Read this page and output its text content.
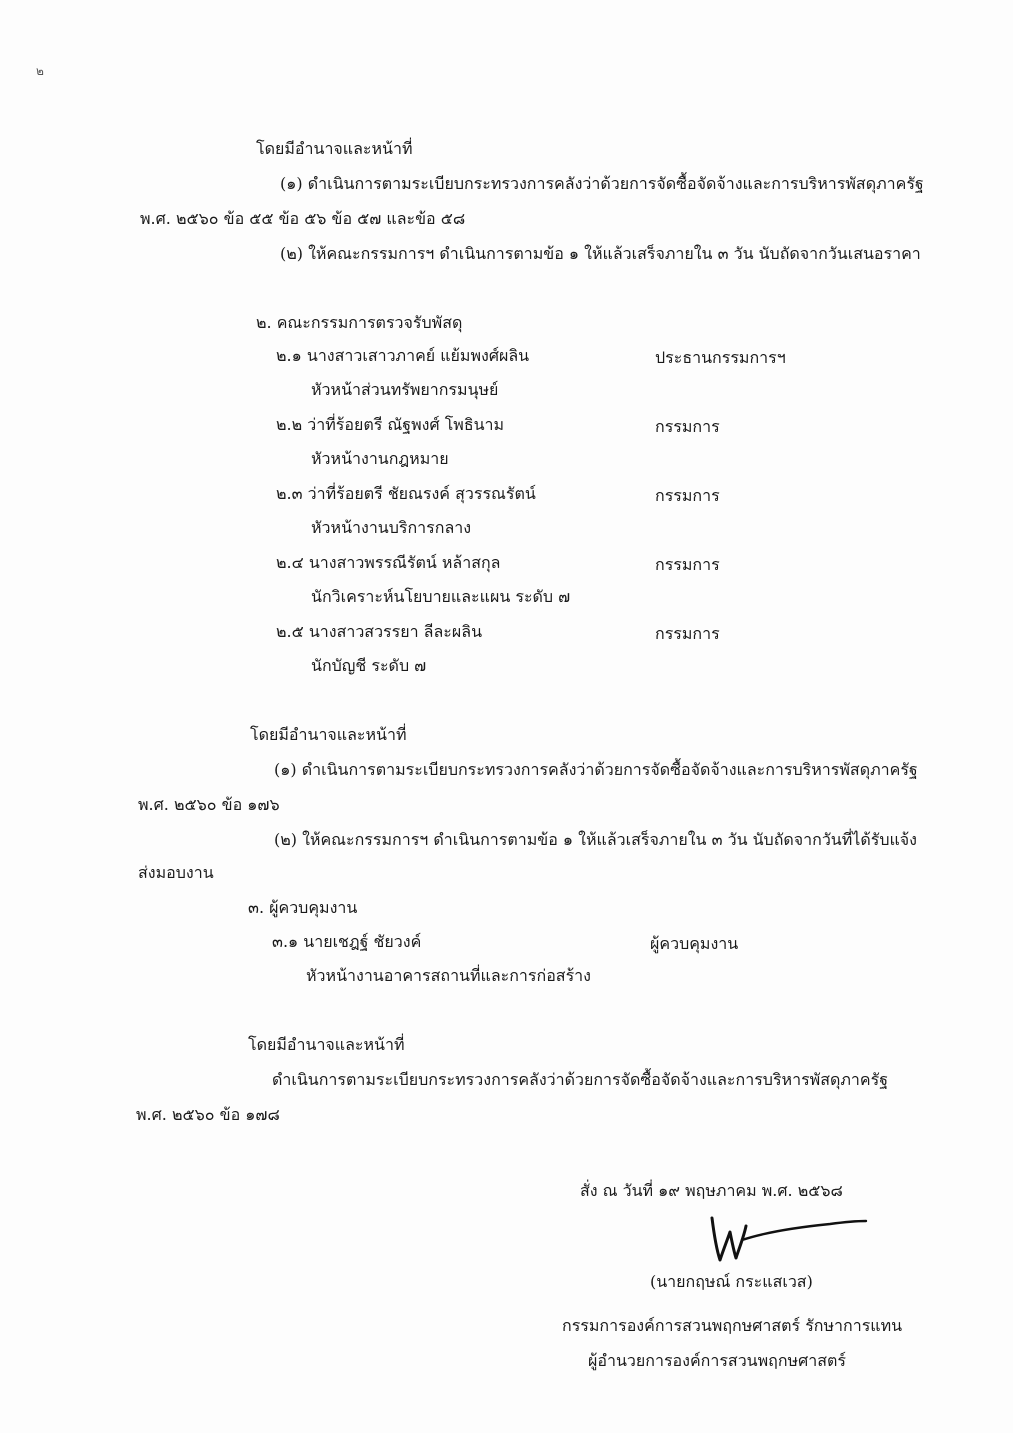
๒
โดยมีอำนาจและหน้าที่
(๑) ดำเนินการตามระเบียบกระทรวงการคลังว่าด้วยการจัดซื้อจัดจ้างและการบริหารพัสดุภาครัฐ
พ.ศ. ๒๕๖๐ ข้อ ๕๕ ข้อ ๕๖ ข้อ ๕๗ และข้อ ๕๘
(๒) ให้คณะกรรมการฯ ดำเนินการตามข้อ ๑ ให้แล้วเสร็จภายใน ๓ วัน นับถัดจากวันเสนอราคา
๒. คณะกรรมการตรวจรับพัสดุ
๒.๑ นางสาวเสาวภาคย์ แย้มพงศ์ผลิน	ประธานกรรมการฯ
หัวหน้าส่วนทรัพยากรมนุษย์
๒.๒ ว่าที่ร้อยตรี ณัฐพงศ์ โพธินาม	กรรมการ
หัวหน้างานกฎหมาย
๒.๓ ว่าที่ร้อยตรี ชัยณรงค์ สุวรรณรัตน์	กรรมการ
หัวหน้างานบริการกลาง
๒.๔ นางสาวพรรณีรัตน์ หล้าสกุล	กรรมการ
นักวิเคราะห์นโยบายและแผน ระดับ ๗
๒.๕ นางสาวสวรรยา ลีละผลิน	กรรมการ
นักบัญชี ระดับ ๗
โดยมีอำนาจและหน้าที่
(๑) ดำเนินการตามระเบียบกระทรวงการคลังว่าด้วยการจัดซื้อจัดจ้างและการบริหารพัสดุภาครัฐ
พ.ศ. ๒๕๖๐ ข้อ ๑๗๖
(๒) ให้คณะกรรมการฯ ดำเนินการตามข้อ ๑ ให้แล้วเสร็จภายใน ๓ วัน นับถัดจากวันที่ได้รับแจ้ง
ส่งมอบงาน
๓. ผู้ควบคุมงาน
๓.๑ นายเชฎฐ์ ชัยวงค์	ผู้ควบคุมงาน
หัวหน้างานอาคารสถานที่และการก่อสร้าง
โดยมีอำนาจและหน้าที่
ดำเนินการตามระเบียบกระทรวงการคลังว่าด้วยการจัดซื้อจัดจ้างและการบริหารพัสดุภาครัฐ
พ.ศ. ๒๕๖๐ ข้อ ๑๗๘
สั่ง ณ วันที่ ๑๙ พฤษภาคม พ.ศ. ๒๕๖๘
(นายกฤษณ์ กระแสเวส)
กรรมการองค์การสวนพฤกษศาสตร์ รักษาการแทน
ผู้อำนวยการองค์การสวนพฤกษศาสตร์
